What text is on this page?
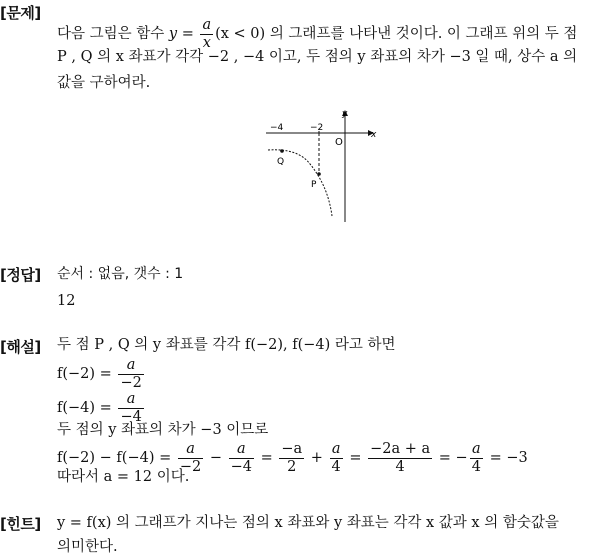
[문제]
다음 그림은 함수 $y = \frac{a}{x} (x < 0)$ 의 그래프를 나타낸 것이다. 이 그래프 위의 두 점
P , Q 의 x 좌표가 각각 −2 , −4 이고, 두 점의 y 좌표의 차가 −3 일 때, 상수 a 의
값을 구하여라.
−4	−2
y
x
O
Q
P
[정답] 순서 : 없음, 갯수 : 1
12
[해설] 두 점 P , Q 의 y 좌표를 각각 f(−2), f(−4) 라고 하면
$f(-2) = \frac{a}{-2}$
$f(-4) = \frac{a}{-4}$
두 점의 y 좌표의 차가 −3 이므로
$f(-2) - f(-4) = \frac{a}{-2} - \frac{a}{-4} = \frac{-a}{2} + \frac{a}{4} = \frac{-2a + a}{4}$ = − $\frac{a}{4} = -3$
따라서 a = 12 이다.
[힌트] y = f(x) 의 그래프가 지나는 점의 x 좌표와 y 좌표는 각각 x 값과 x 의 함숫값을
의미한다.
